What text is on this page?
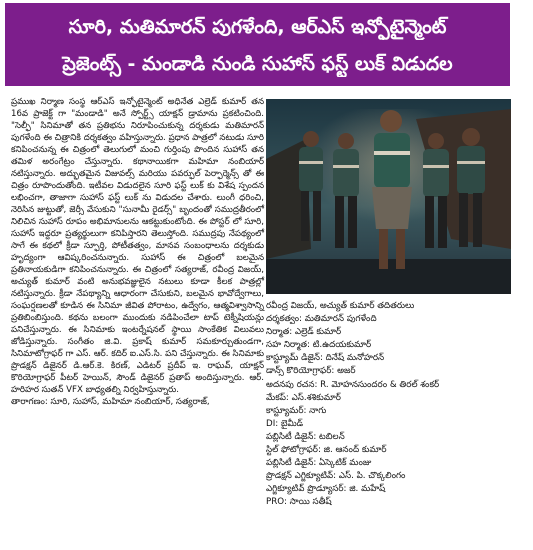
సూరి, మతిమారన్ పుగళేంది, ఆర్ఎస్ ఇన్ఫోటైన్మెంట్
ప్రెజెంట్స్ - మండాడి నుండి సుహాస్ ఫస్ట్ లుక్ విడుదల

ప్రముఖ నిర్మాణ సంస్థ ఆర్ఎస్ ఇన్ఫోటైన్మెంట్ అధినేత ఎల్రెడ్ కుమార్ తన 16వ ప్రాజెక్ట్ గా "మండాడి" అనే స్పోర్ట్స్ యాక్షన్ డ్రామాను ప్రకటించింది. "సెల్ఫీ" సినిమాతో తన ప్రతిభను నిరూపించుకున్న దర్శకుడు మతిమారన్ పుగళేంది ఈ చిత్రానికి దర్శకత్వం వహిస్తున్నారు. ప్రధాన పాత్రలో నటుడు సూరి కనిపించనున్న ఈ చిత్రంలో తెలుగులో మంచి గుర్తింపు పొందిన సుహాస్ తన తమిళ అరంగేట్రం చేస్తున్నారు. కథానాయికగా మహిమా నంబియార్ నటిస్తున్నారు. అద్భుతమైన విజువల్స్ మరియు పవర్ఫుల్ పెర్ఫార్మెన్స్ తో ఈ చిత్రం రూపొందుతోంది. ఇటీవల విడుదలైన సూరి ఫస్ట్ లుక్ కు విశేష స్పందన లభించగా, తాజాగా సుహాస్ ఫస్ట్ లుక్ ను విడుదల చేశారు. లుంగీ ధరించి, నెరిసిన జుట్టుతో, జెర్సీ వేసుకుని "సునామీ రైడర్స్" బృందంతో సముద్రతీరంలో నిలిచిన సుహాస్ రూపం అభిమానులను ఆకట్టుకుంటోంది. ఈ పోస్టర్ లో సూరి, సుహాస్ ఇద్దరూ ప్రత్యర్థులుగా కనిపిస్తారని తెలుస్తోంది. సముద్రపు నేపథ్యంలో సాగే ఈ కథలో క్రీడా స్ఫూర్తి, పోటీతత్వం, మానవ సంబంధాలను దర్శకుడు హృద్యంగా ఆవిష్కరించనున్నారు. సుహాస్ ఈ చిత్రంలో బలమైన ప్రతినాయకుడిగా కనిపించనున్నారు. ఈ చిత్రంలో సత్యరాజ్, రవీంద్ర విజయ్, అచ్యుత్ కుమార్ వంటి అనుభవజ్ఞులైన నటులు కూడా కీలక పాత్రల్లో నటిస్తున్నారు. క్రీడా నేపథ్యాన్ని ఆధారంగా చేసుకుని, బలమైన భావోద్వేగాలు, సంఘర్షణలతో కూడిన ఈ సినిమా జీవిత పోరాటం, ఉద్వేగం, ఆత్మవిశ్వాసాన్ని ప్రతిబింబిస్తుంది. కథను బలంగా ముందుకు నడిపించేలా టాప్ టెక్నీషియన్లు పనిచేస్తున్నారు. ఈ సినిమాకు ఇంటర్నేషనల్ స్థాయి సాంకేతిక విలువలు జోడిస్తున్నారు. సంగీతం జి.వి. ప్రకాష్ కుమార్ సమకూర్చుతుండగా, సినిమాటోగ్రాఫర్ గా ఎస్. ఆర్. కదిర్ ఐ.ఎస్.సి. పని చేస్తున్నారు. ఈ సినిమాకు ప్రొడక్షన్ డిజైనర్ డి.ఆర్.కె. కిరణ్, ఎడిటర్ ప్రదీప్ ఇ. రాఘవ్, యాక్షన్ కొరియోగ్రాఫర్ పీటర్ హెయిన్, సౌండ్ డిజైనర్ ప్రతాప్ అందిస్తున్నారు. ఆర్. హరిహర సుతన్ VFX బాధ్యతల్ని నిర్వహిస్తున్నారు.

తారాగణం: సూరి, సుహాస్, మహిమా నంబియార్, సత్యరాజ్,

రవీంద్ర విజయ్, అచ్యుత్ కుమార్ తదితరులు
దర్శకత్వం: మతిమారన్ పుగళేంది
నిర్మాత: ఎల్రెడ్ కుమార్
సహ నిర్మాత: టి.ఉదయకుమార్
కాస్ట్యూమ్ డిజైన్: దినేష్ మనోహరన్
డాన్స్ కొరియోగ్రాఫర్: అజర్
అదనపు రచన: R. మోహనసుందరం & తిరల్ శంకర్
మేకప్: ఎస్.శశికుమార్
కాస్ట్యూమర్: నాగు
DI: బైమీడ్
పబ్లిసిటీ డిజైన్: టబిలన్
స్టిల్ ఫోటోగ్రాఫర్: జి. ఆనంద్ కుమార్
పబ్లిసిటీ డిజైన్: ఏస్కెటిక్ మంజు
ప్రొడక్షన్ ఎగ్జిక్యూటివ్: ఎస్. పి. చొక్కలింగం
ఎగ్జిక్యూటివ్ ప్రొడ్యూసర్: జి. మహేష్
PRO: సాయి సతీష్
